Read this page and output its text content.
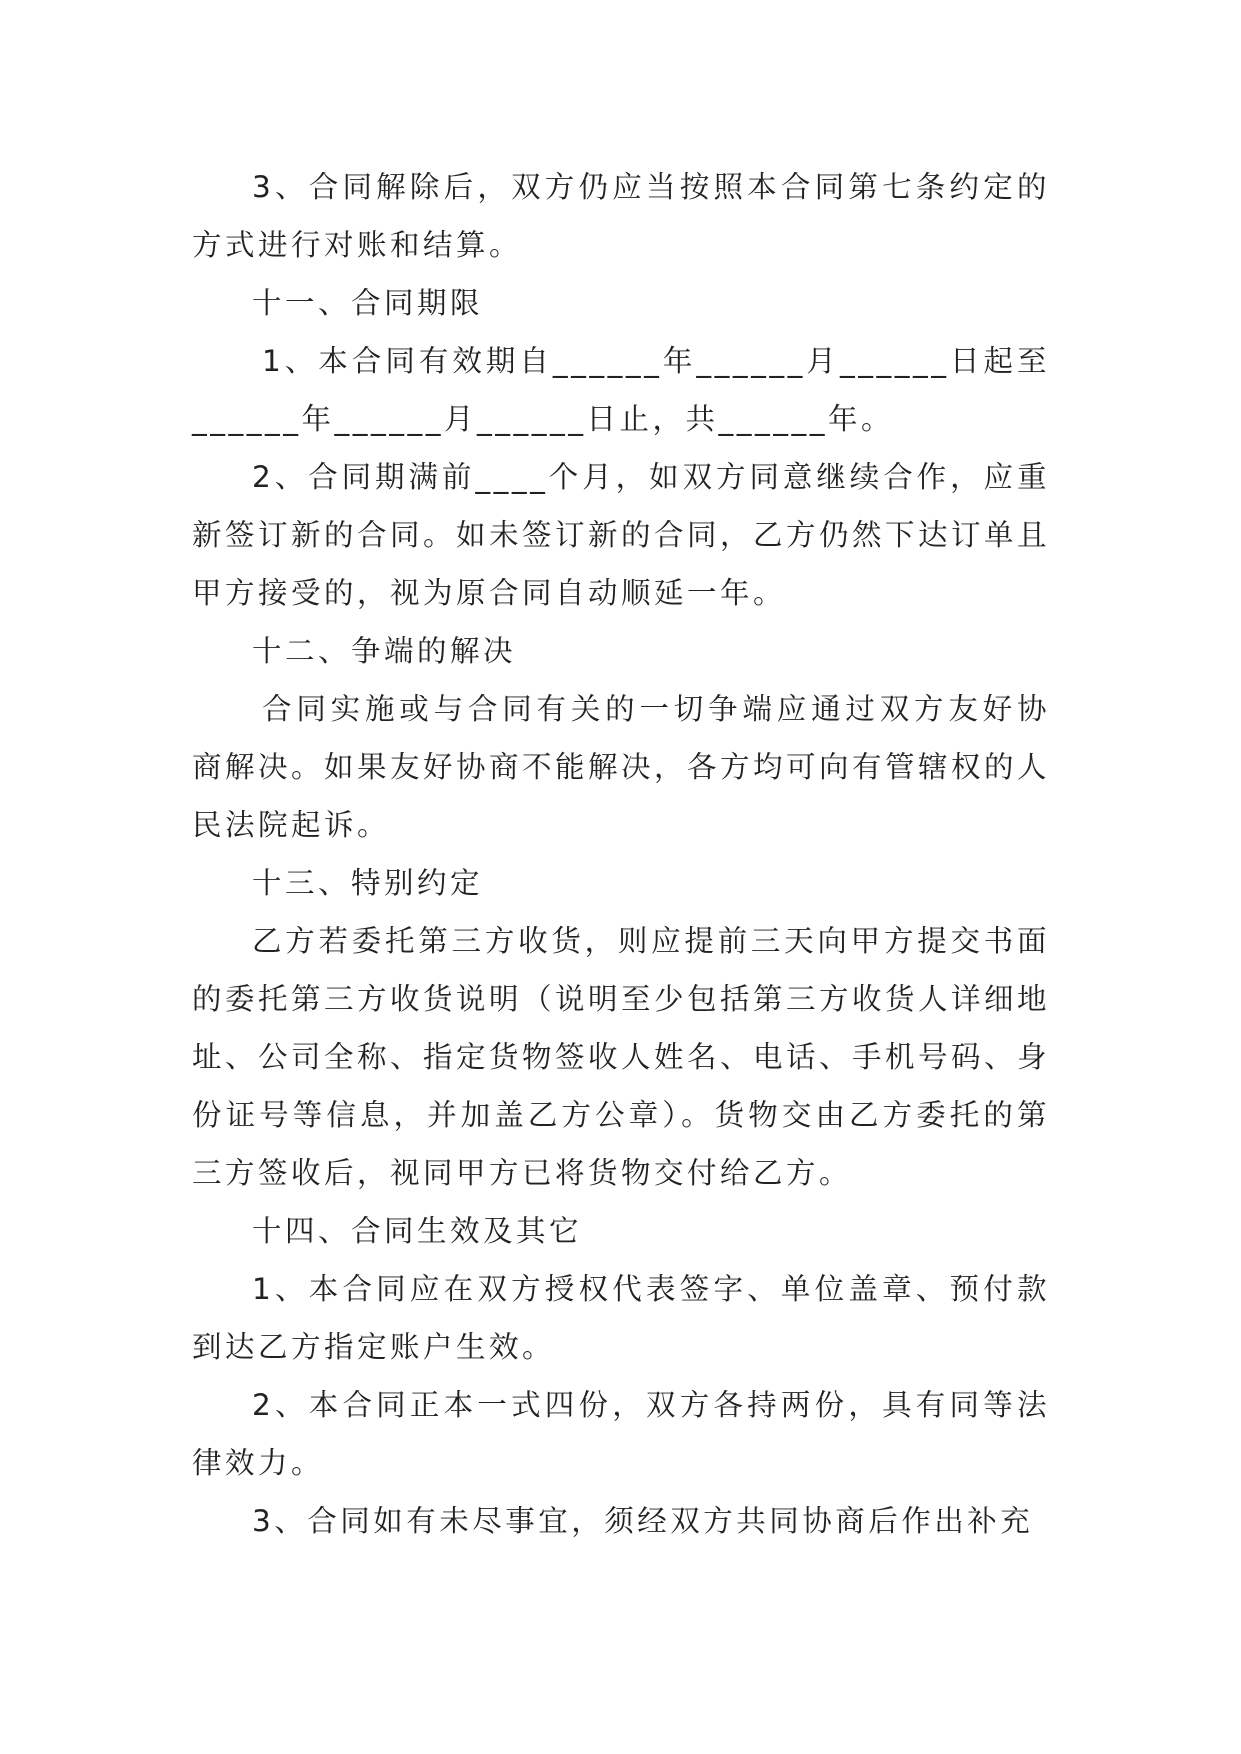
3、合同解除后，双方仍应当按照本合同第七条约定的方式进行对账和结算。

十一、合同期限

1、本合同有效期自______年______月______日起至______年______月______日止，共______年。

2、合同期满前____个月，如双方同意继续合作，应重新签订新的合同。如未签订新的合同，乙方仍然下达订单且甲方接受的，视为原合同自动顺延一年。

十二、争端的解决

合同实施或与合同有关的一切争端应通过双方友好协商解决。如果友好协商不能解决，各方均可向有管辖权的人民法院起诉。

十三、特别约定

乙方若委托第三方收货，则应提前三天向甲方提交书面的委托第三方收货说明（说明至少包括第三方收货人详细地址、公司全称、指定货物签收人姓名、电话、手机号码、身份证号等信息，并加盖乙方公章）。货物交由乙方委托的第三方签收后，视同甲方已将货物交付给乙方。

十四、合同生效及其它

1、本合同应在双方授权代表签字、单位盖章、预付款到达乙方指定账户生效。

2、本合同正本一式四份，双方各持两份，具有同等法律效力。

3、合同如有未尽事宜，须经双方共同协商后作出补充
